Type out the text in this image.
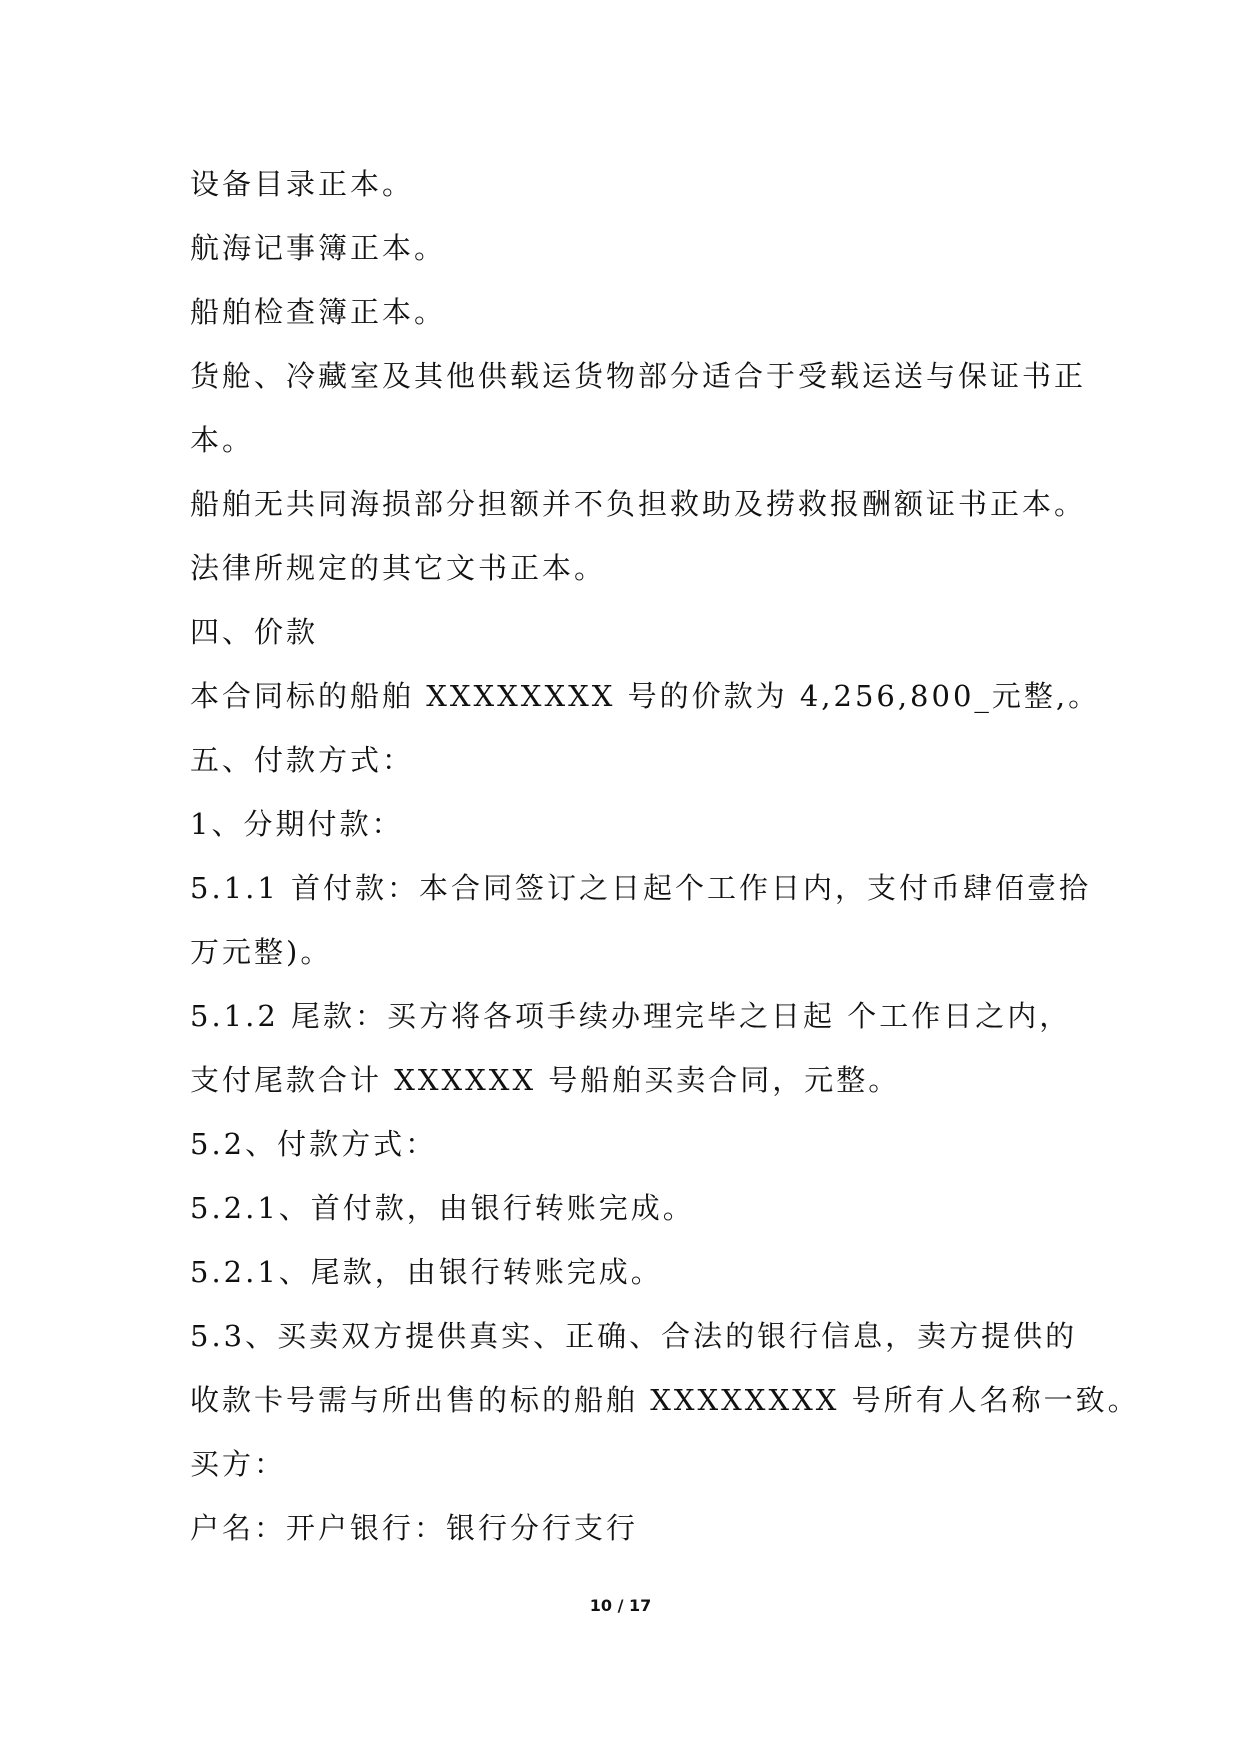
设备目录正本。
航海记事簿正本。
船舶检查簿正本。
货舱、冷藏室及其他供载运货物部分适合于受载运送与保证书正
本。
船舶无共同海损部分担额并不负担救助及捞救报酬额证书正本。
法律所规定的其它文书正本。
四、价款
本合同标的船舶 XXXXXXXX 号的价款为 4,256,800_元整,。
五、付款方式：
1、分期付款：
5.1.1 首付款：本合同签订之日起个工作日内，支付币肆佰壹拾
万元整)。
5.1.2 尾款：买方将各项手续办理完毕之日起 个工作日之内，
支付尾款合计 XXXXXX 号船舶买卖合同，元整。
5.2、付款方式：
5.2.1、首付款，由银行转账完成。
5.2.1、尾款，由银行转账完成。
5.3、买卖双方提供真实、正确、合法的银行信息，卖方提供的
收款卡号需与所出售的标的船舶 XXXXXXXX 号所有人名称一致。
买方：
户名：开户银行：银行分行支行
10 / 17
